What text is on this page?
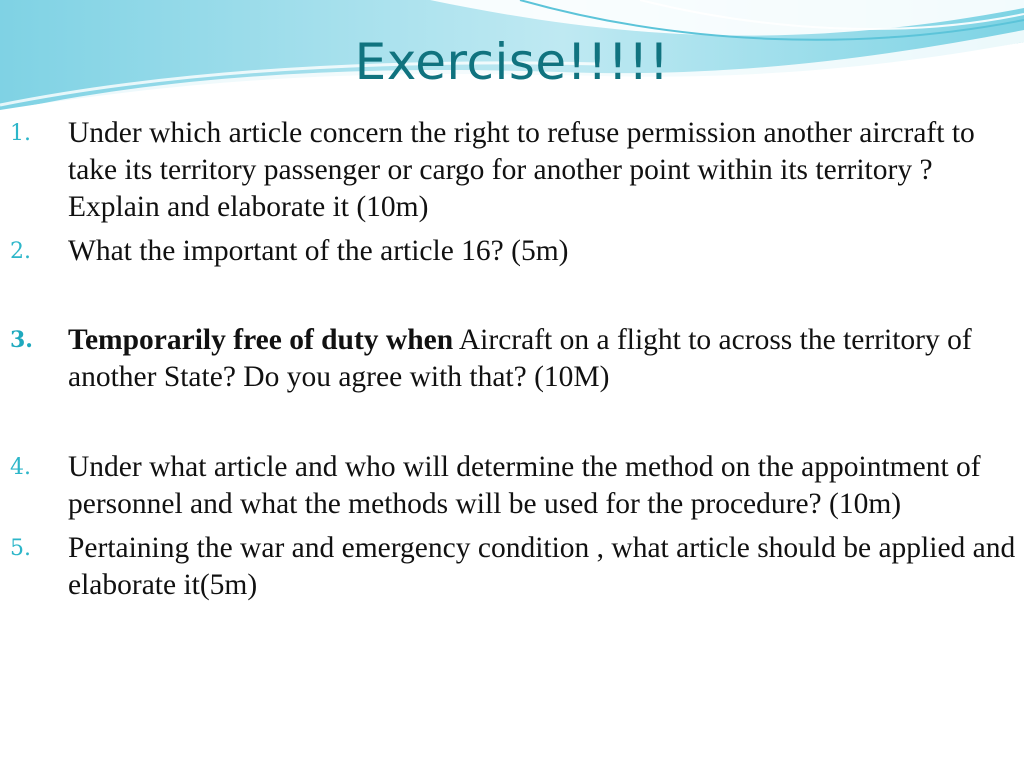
Exercise!!!!!
1. Under which article concern the right to refuse permission another aircraft to take its territory passenger or cargo for another point within its territory ?Explain and elaborate it (10m)
2. What the important of the article 16? (5m)
3. Temporarily free of duty when Aircraft on a flight to across the territory of another State? Do you agree with that? (10M)
4. Under what article and who will determine the method on the appointment of personnel and what the methods will be used for the procedure? (10m)
5. Pertaining the war and emergency condition , what article should be applied and elaborate it(5m)
